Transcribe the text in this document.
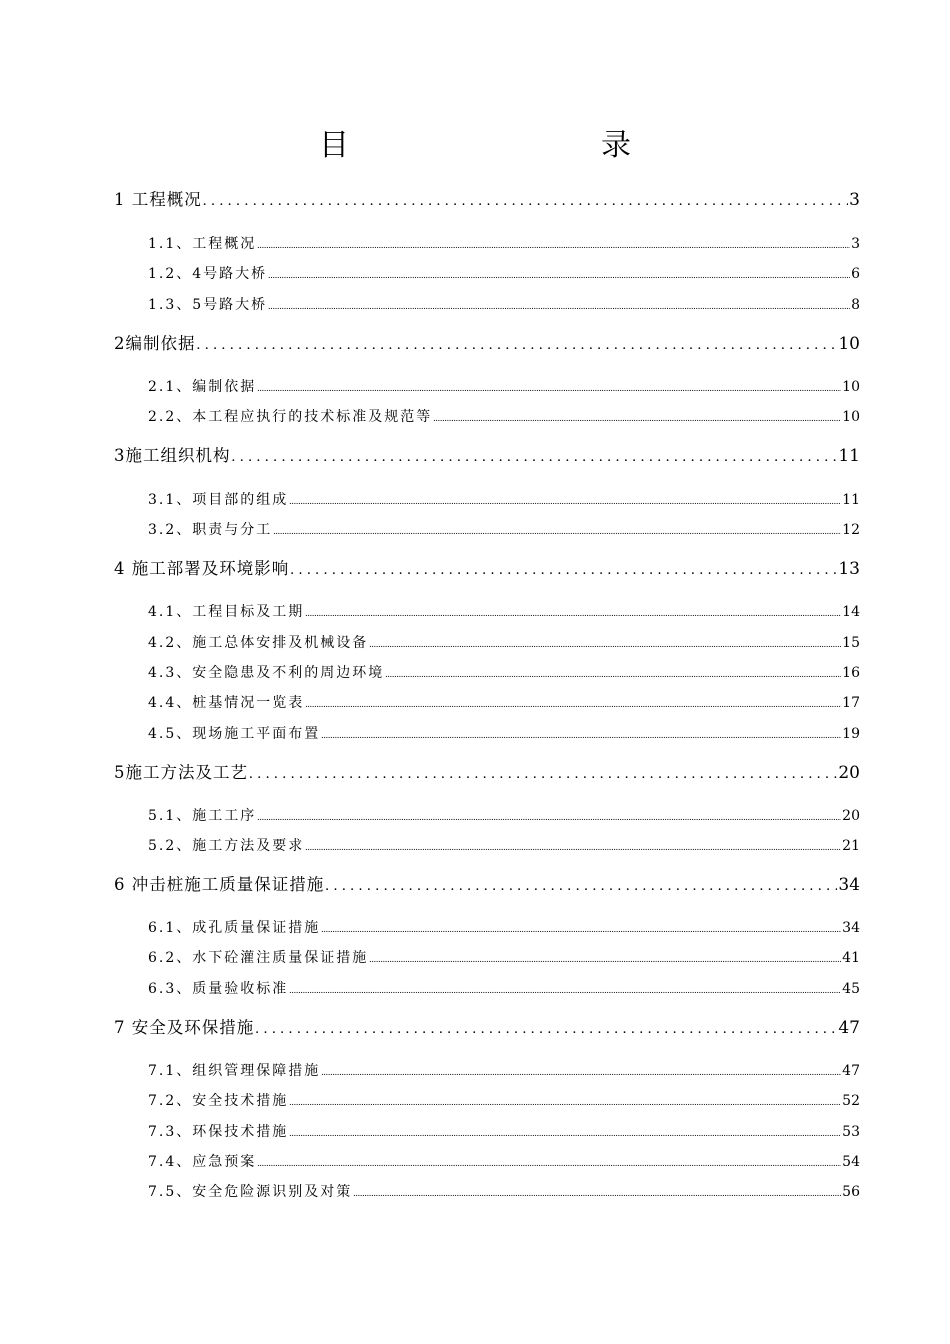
目　　录
1 工程概况 .....	3
1.1、工程概况 .....	3
1.2、4号路大桥 .....	6
1.3、5号路大桥 .....	8
2编制依据 .....	10
2.1、编制依据 .....	10
2.2、本工程应执行的技术标准及规范等 .....	10
3施工组织机构 .....	11
3.1、项目部的组成 .....	11
3.2、职责与分工 .....	12
4 施工部署及环境影响 .....	13
4.1、工程目标及工期 .....	14
4.2、施工总体安排及机械设备 .....	15
4.3、安全隐患及不利的周边环境 .....	16
4.4、桩基情况一览表 .....	17
4.5、现场施工平面布置 .....	19
5施工方法及工艺 .....	20
5.1、施工工序 .....	20
5.2、施工方法及要求 .....	21
6 冲击桩施工质量保证措施 .....	34
6.1、成孔质量保证措施 .....	34
6.2、水下砼灌注质量保证措施 .....	41
6.3、质量验收标准 .....	45
7 安全及环保措施 .....	47
7.1、组织管理保障措施 .....	47
7.2、安全技术措施 .....	52
7.3、环保技术措施 .....	53
7.4、应急预案 .....	54
7.5、安全危险源识别及对策 .....	56
